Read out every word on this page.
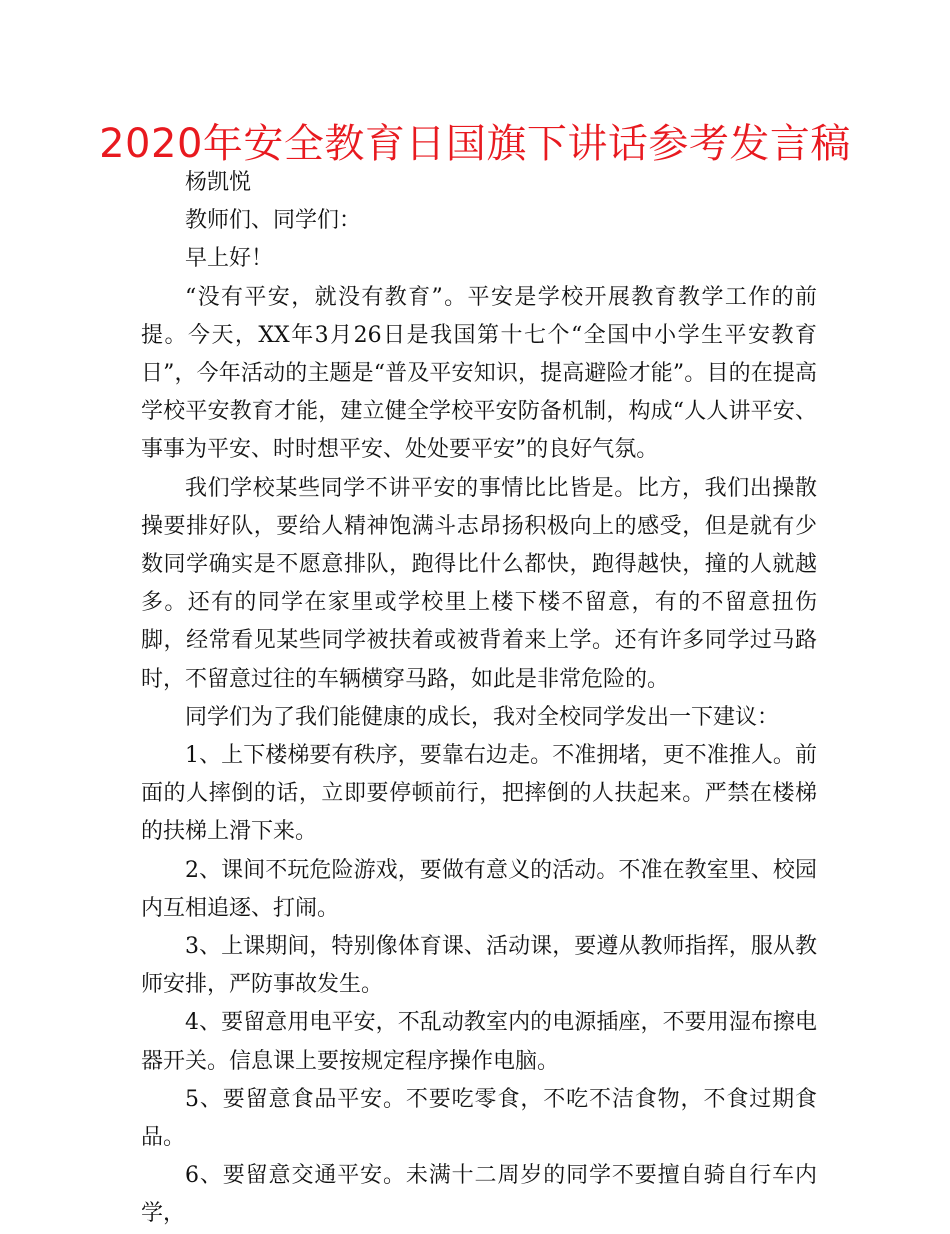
2020年安全教育日国旗下讲话参考发言稿

杨凯悦

教师们、同学们：

早上好！

“没有平安，就没有教育”。平安是学校开展教育教学工作的前提。今天，XX年3月26日是我国第十七个“全国中小学生平安教育日”，今年活动的主题是“普及平安知识，提高避险才能”。目的在提高学校平安教育才能，建立健全学校平安防备机制，构成“人人讲平安、事事为平安、时时想平安、处处要平安”的良好气氛。

我们学校某些同学不讲平安的事情比比皆是。比方，我们出操散操要排好队，要给人精神饱满斗志昂扬积极向上的感受，但是就有少数同学确实是不愿意排队，跑得比什么都快，跑得越快，撞的人就越多。还有的同学在家里或学校里上楼下楼不留意，有的不留意扭伤脚，经常看见某些同学被扶着或被背着来上学。还有许多同学过马路时，不留意过往的车辆横穿马路，如此是非常危险的。

同学们为了我们能健康的成长，我对全校同学发出一下建议：

1、上下楼梯要有秩序，要靠右边走。不准拥堵，更不准推人。前面的人摔倒的话，立即要停顿前行，把摔倒的人扶起来。严禁在楼梯的扶梯上滑下来。

2、课间不玩危险游戏，要做有意义的活动。不准在教室里、校园内互相追逐、打闹。

3、上课期间，特别像体育课、活动课，要遵从教师指挥，服从教师安排，严防事故发生。

4、要留意用电平安，不乱动教室内的电源插座，不要用湿布擦电器开关。信息课上要按规定程序操作电脑。

5、要留意食品平安。不要吃零食，不吃不洁食物，不食过期食品。

6、要留意交通平安。未满十二周岁的同学不要擅自骑自行车内学，
